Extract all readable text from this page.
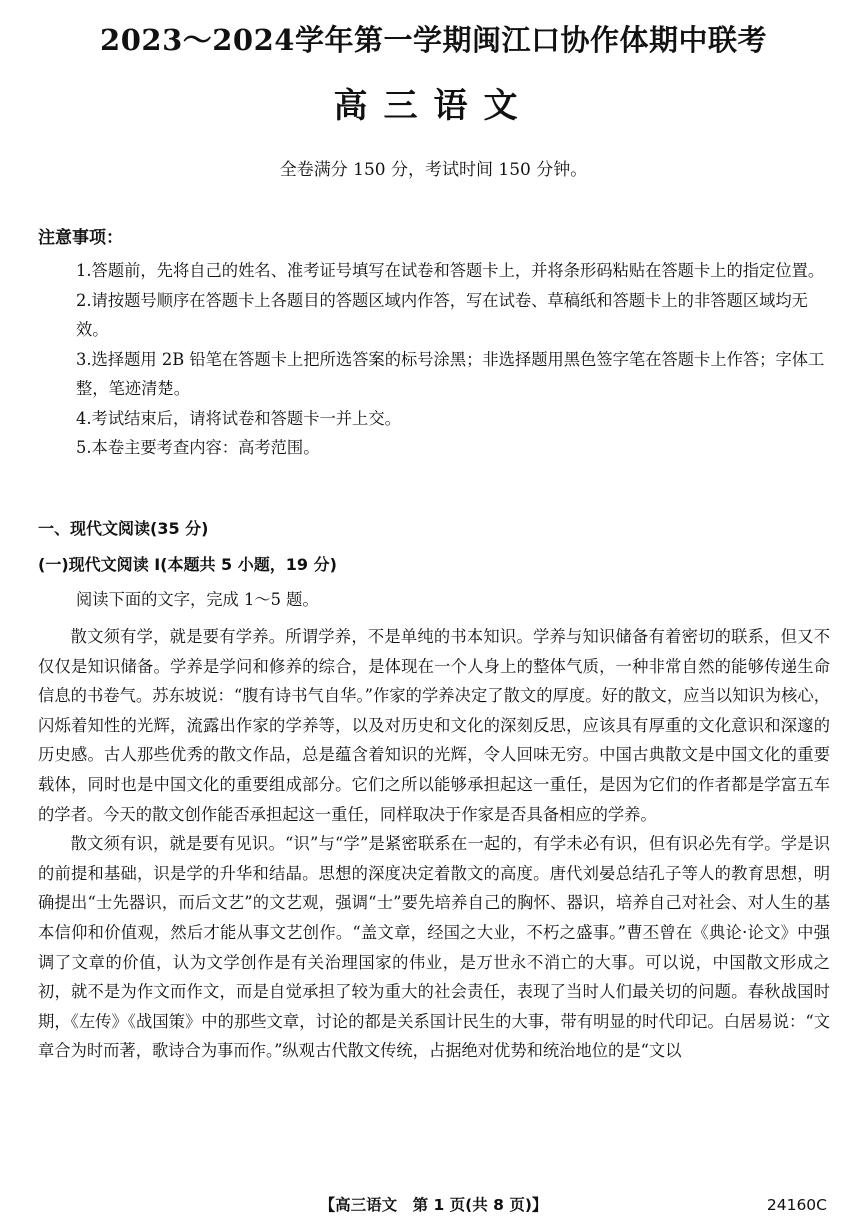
2023～2024学年第一学期闽江口协作体期中联考
高三语文
全卷满分 150 分，考试时间 150 分钟。
注意事项：
1.答题前，先将自己的姓名、准考证号填写在试卷和答题卡上，并将条形码粘贴在答题卡上的指定位置。
2.请按题号顺序在答题卡上各题目的答题区域内作答，写在试卷、草稿纸和答题卡上的非答题区域均无效。
3.选择题用 2B 铅笔在答题卡上把所选答案的标号涂黑；非选择题用黑色签字笔在答题卡上作答；字体工整，笔迹清楚。
4.考试结束后，请将试卷和答题卡一并上交。
5.本卷主要考查内容：高考范围。
一、现代文阅读(35 分)
(一)现代文阅读 I(本题共 5 小题，19 分)
阅读下面的文字，完成 1～5 题。

散文须有学，就是要有学养。所谓学养，不是单纯的书本知识。学养与知识储备有着密切的联系，但又不仅仅是知识储备。学养是学问和修养的综合，是体现在一个人身上的整体气质，一种非常自然的能够传递生命信息的书卷气。苏东坡说：“腹有诗书气自华。”作家的学养决定了散文的厚度。好的散文，应当以知识为核心，闪烁着知性的光辉，流露出作家的学养等，以及对历史和文化的深刻反思，应该具有厚重的文化意识和深邃的历史感。古人那些优秀的散文作品，总是蕴含着知识的光辉，令人回味无穷。中国古典散文是中国文化的重要载体，同时也是中国文化的重要组成部分。它们之所以能够承担起这一重任，是因为它们的作者都是学富五车的学者。今天的散文创作能否承担起这一重任，同样取决于作家是否具备相应的学养。

散文须有识，就是要有见识。“识”与“学”是紧密联系在一起的，有学未必有识，但有识必先有学。学是识的前提和基础，识是学的升华和结晶。思想的深度决定着散文的高度。唐代刘晏总结孔子等人的教育思想，明确提出“士先器识，而后文艺”的文艺观，强调“士”要先培养自己的胸怀、器识，培养自己对社会、对人生的基本信仰和价值观，然后才能从事文艺创作。“盖文章，经国之大业，不朽之盛事。”曹丕曾在《典论·论文》中强调了文章的价值，认为文学创作是有关治理国家的伟业，是万世永不消亡的大事。可以说，中国散文形成之初，就不是为作文而作文，而是自觉承担了较为重大的社会责任，表现了当时人们最关切的问题。春秋战国时期，《左传》《战国策》中的那些文章，讨论的都是关系国计民生的大事，带有明显的时代印记。白居易说：“文章合为时而著，歌诗合为事而作。”纵观古代散文传统，占据绝对优势和统治地位的是“文以

【高三语文　第 1 页(共 8 页)】	24160C
